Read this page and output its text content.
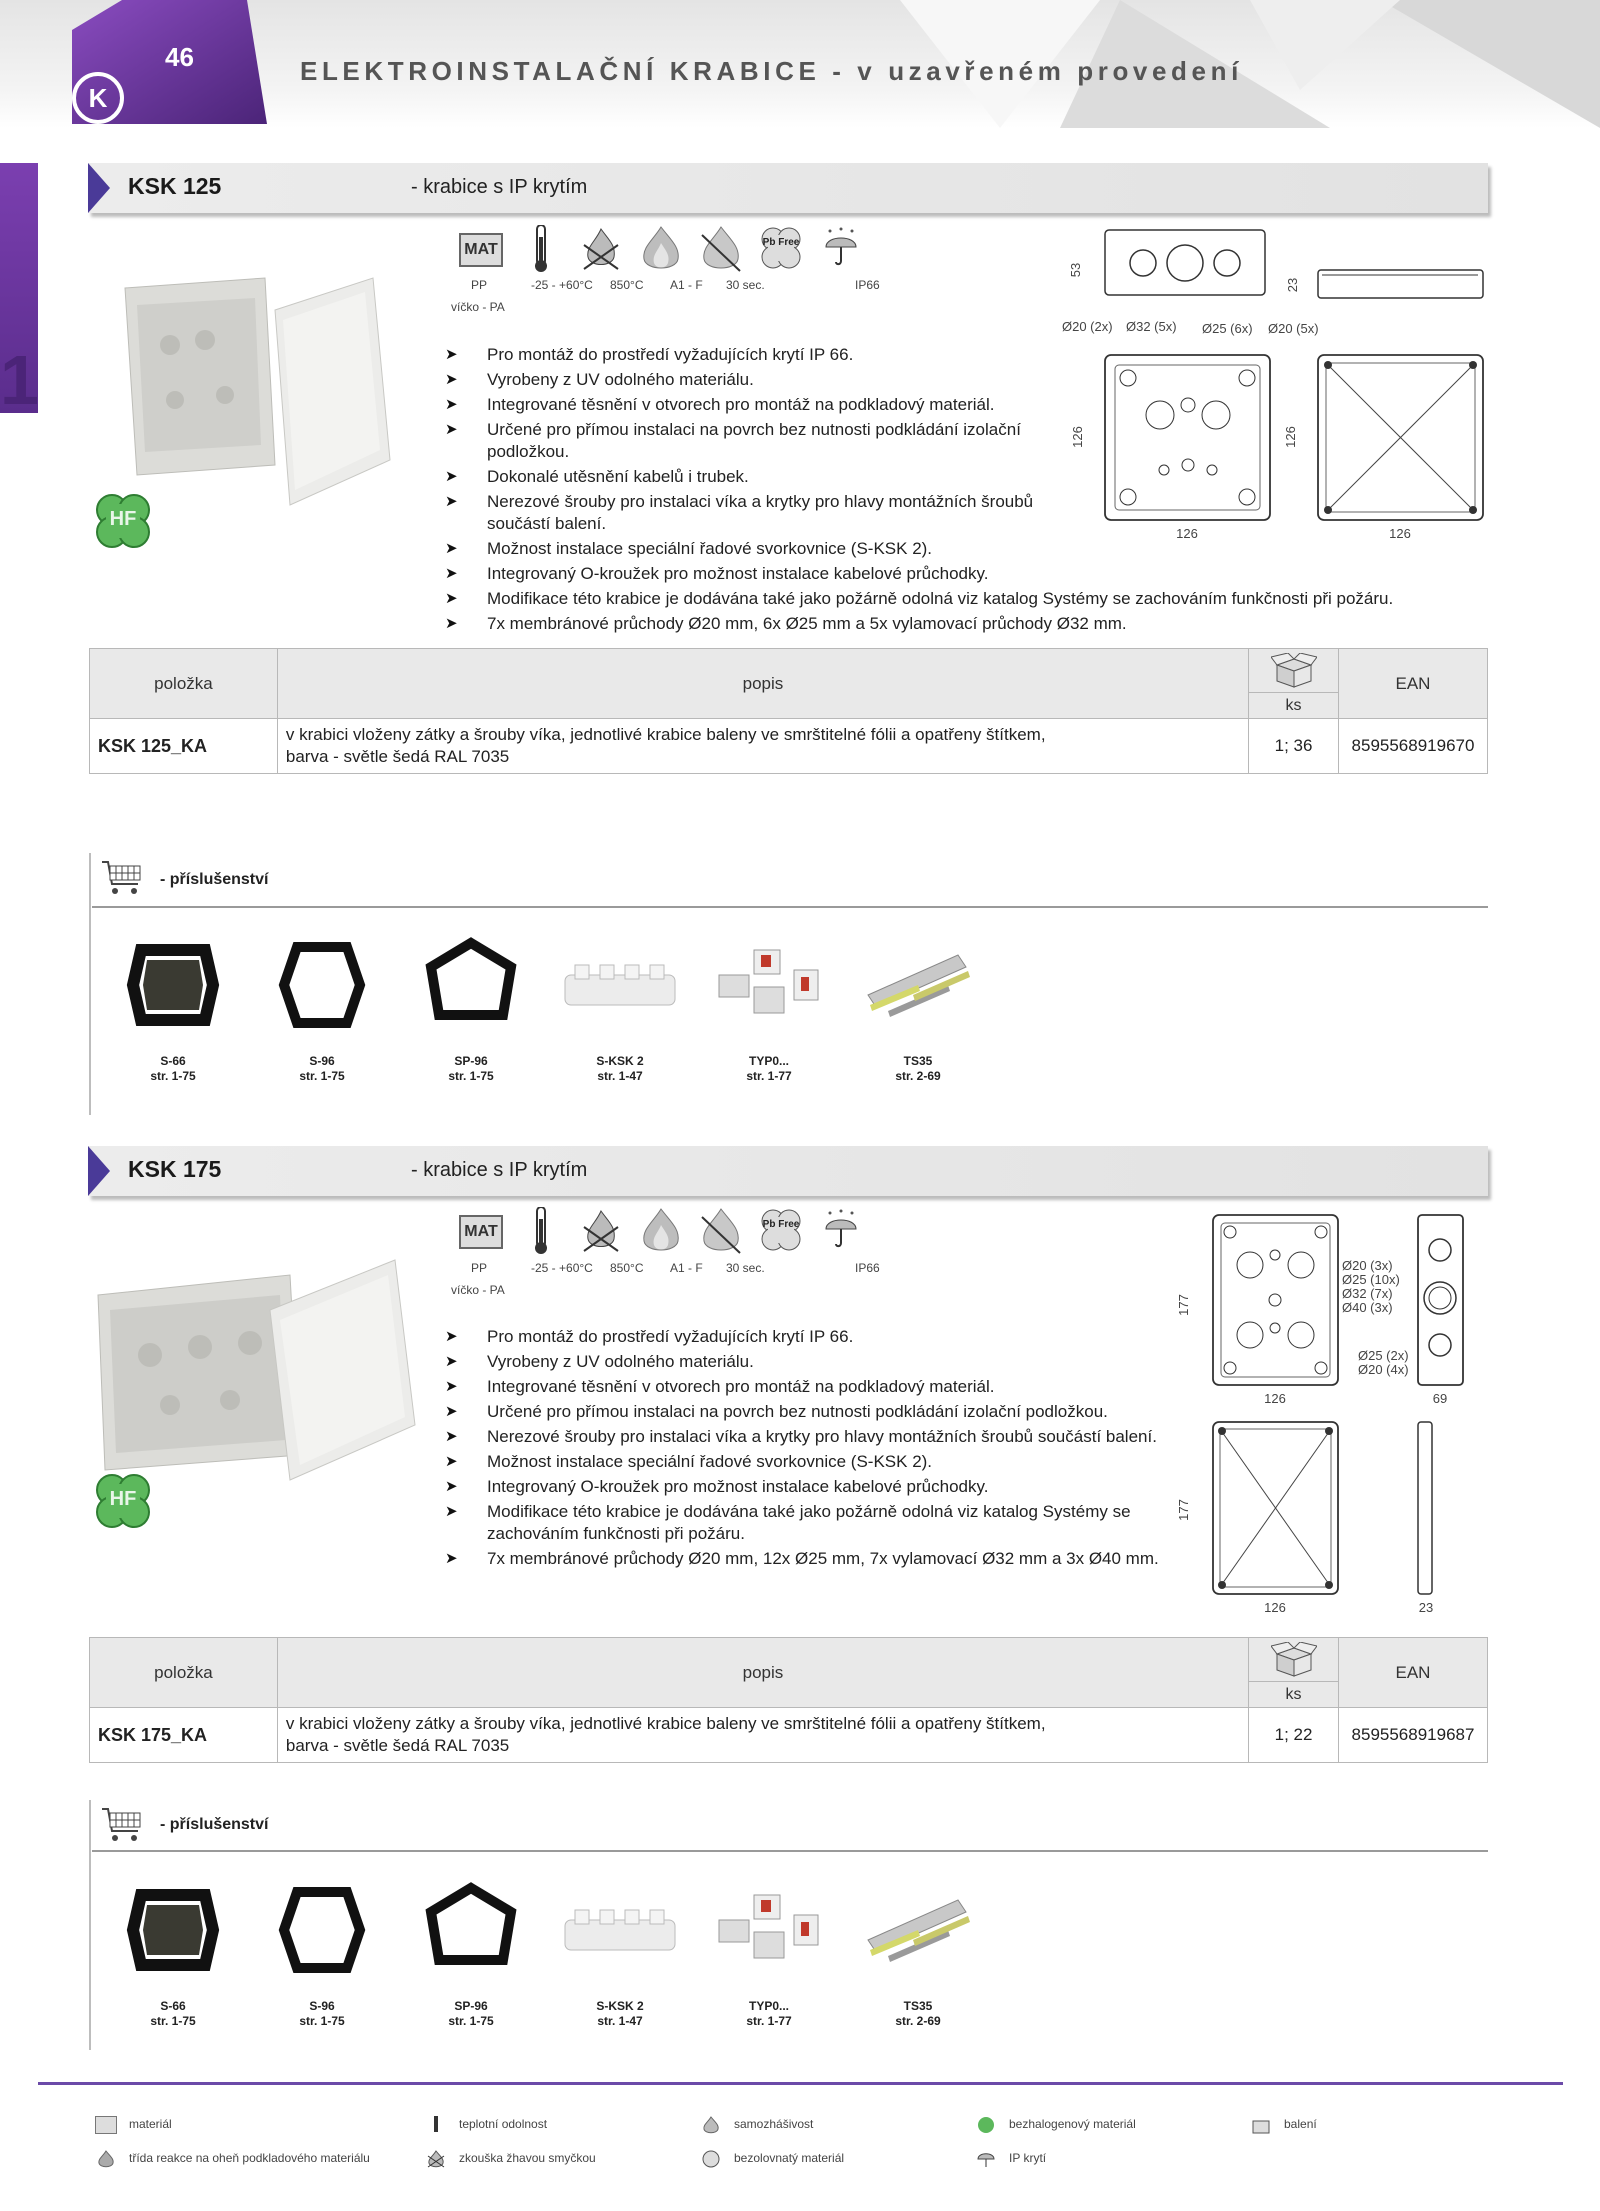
46
K
ELEKTROINSTALAČNÍ KRABICE - v uzavřeném provedení
1
KSK 125	- krabice s IP krytím
HF
MAT	Pb Free
PP
víčko - PA
-25 - +60°C 850°C A1 - F 30 sec.	IP66
➤ Pro montáž do prostředí vyžadujících krytí IP 66.
➤ Vyrobeny z UV odolného materiálu.
➤ Integrované těsnění v otvorech pro montáž na podkladový materiál.
➤ Určené pro přímou instalaci na povrch bez nutnosti podkládání izolační podložkou.
➤ Dokonalé utěsnění kabelů i trubek.
➤ Nerezové šrouby pro instalaci víka a krytky pro hlavy montážních šroubů součástí balení.
➤ Možnost instalace speciální řadové svorkovnice (S-KSK 2).
➤ Integrovaný O-kroužek pro možnost instalace kabelové průchodky.
➤ Modifikace této krabice je dodávána také jako požárně odolná viz katalog Systémy se zachováním funkčnosti při požáru.
➤ 7x membránové průchody Ø20 mm, 6x Ø25 mm a 5x vylamovací průchody Ø32 mm.
53
23
Ø20 (2x) Ø32 (5x) Ø25 (6x) Ø20 (5x)
126
126
126
126
položka	popis	ks	EAN
KSK 125_KA	v krabici vloženy zátky a šrouby víka, jednotlivé krabice baleny ve smrštitelné fólii a opatřeny štítkem,
barva - světle šedá RAL 7035	1; 36	8595568919670
- příslušenství
S-66
str. 1-75
S-96
str. 1-75
SP-96
str. 1-75
S-KSK 2
str. 1-47
TYP0...
str. 1-77
TS35
str. 2-69
KSK 175	- krabice s IP krytím
HF
MAT	Pb Free
PP
víčko - PA
-25 - +60°C 850°C A1 - F 30 sec.	IP66
➤ Pro montáž do prostředí vyžadujících krytí IP 66.
➤ Vyrobeny z UV odolného materiálu.
➤ Integrované těsnění v otvorech pro montáž na podkladový materiál.
➤ Určené pro přímou instalaci na povrch bez nutnosti podkládání izolační podložkou.
➤ Nerezové šrouby pro instalaci víka a krytky pro hlavy montážních šroubů součástí balení.
➤ Možnost instalace speciální řadové svorkovnice (S-KSK 2).
➤ Integrovaný O-kroužek pro možnost instalace kabelové průchodky.
➤ Modifikace této krabice je dodávána také jako požárně odolná viz katalog Systémy se zachováním funkčnosti při požáru.
➤ 7x membránové průchody Ø20 mm, 12x Ø25 mm, 7x vylamovací Ø32 mm a 3x Ø40 mm.
177
126
Ø20 (3x)
Ø25 (10x)
Ø32 (7x)
Ø40 (3x)
Ø25 (2x)
Ø20 (4x)
69
177
126	23
položka	popis	ks	EAN
KSK 175_KA	v krabici vloženy zátky a šrouby víka, jednotlivé krabice baleny ve smrštitelné fólii a opatřeny štítkem,
barva - světle šedá RAL 7035	1; 22	8595568919687
- příslušenství
S-66
str. 1-75
S-96
str. 1-75
SP-96
str. 1-75
S-KSK 2
str. 1-47
TYP0...
str. 1-77
TS35
str. 2-69
materiál	teplotní odolnost	samozhášivost	bezhalogenový materiál	balení
třída reakce na oheň podkladového materiálu	zkouška žhavou smyčkou	bezolovnatý materiál	IP krytí
